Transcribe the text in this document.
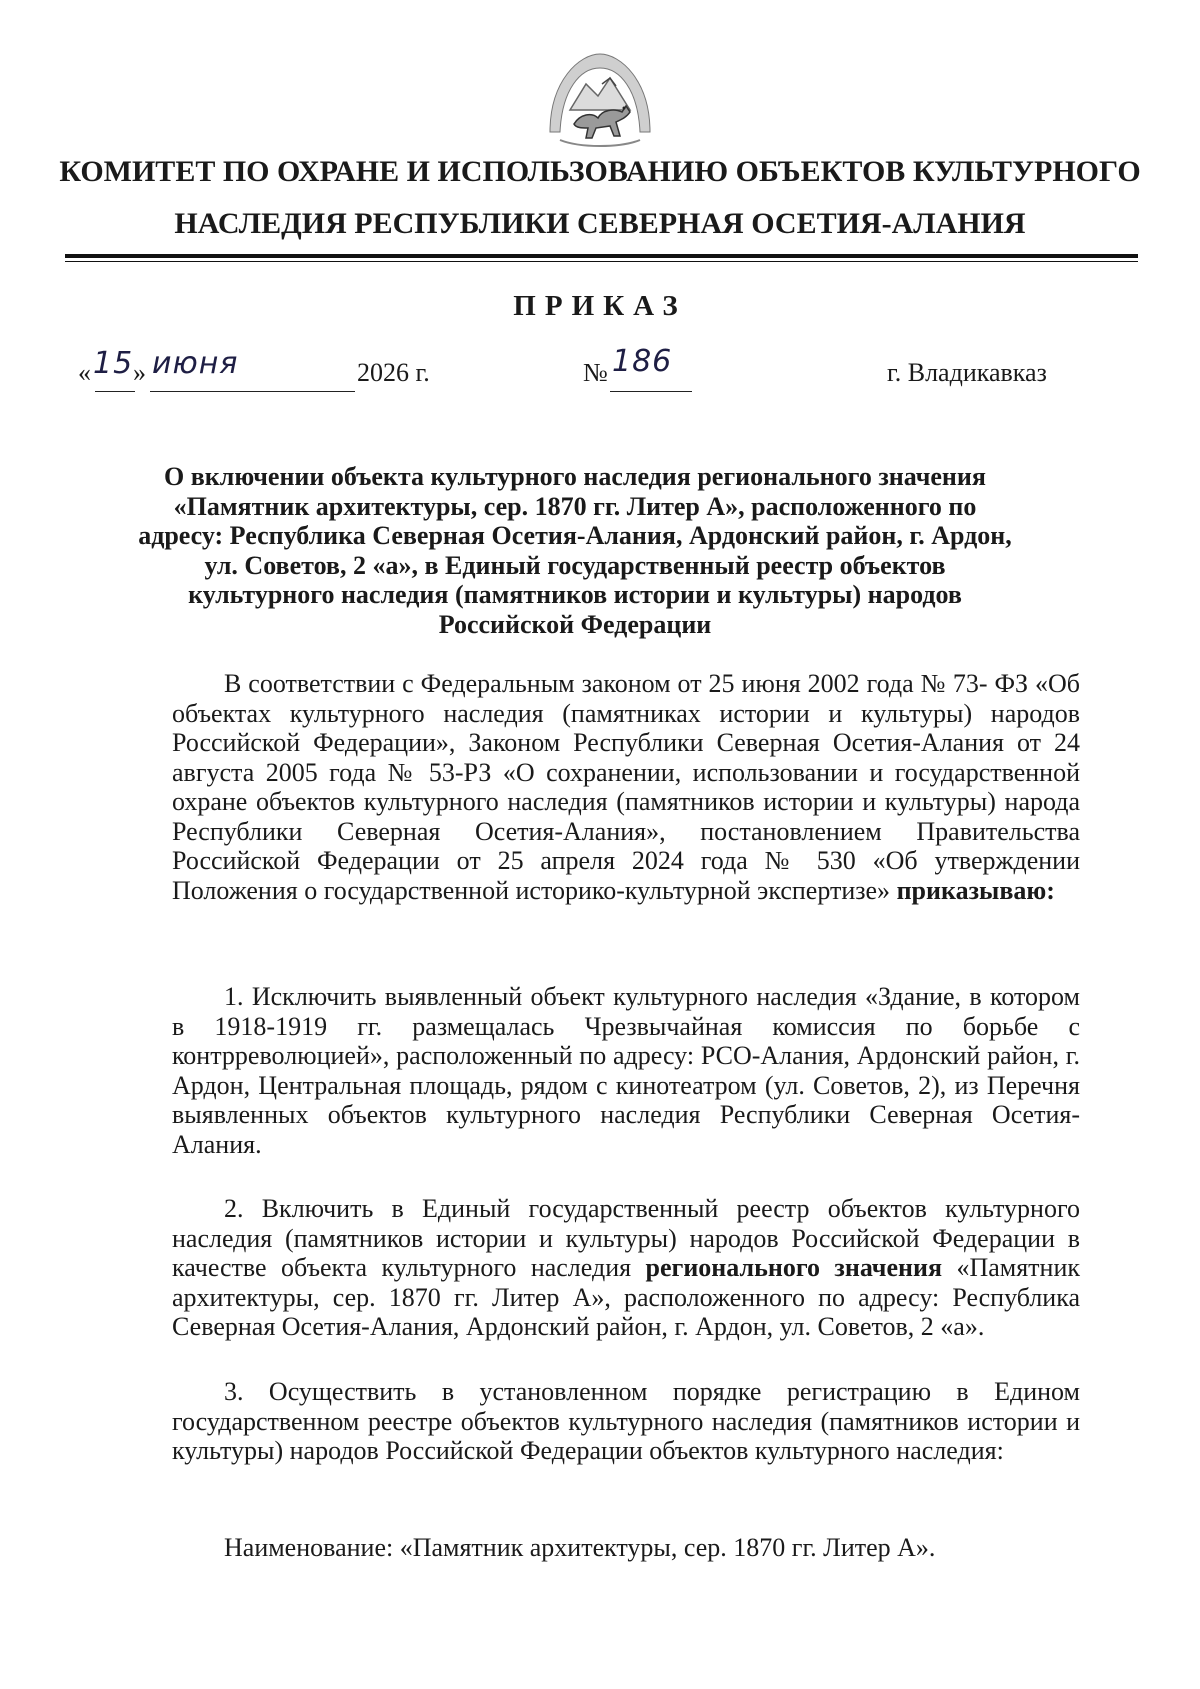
КОМИТЕТ ПО ОХРАНЕ И ИСПОЛЬЗОВАНИЮ ОБЪЕКТОВ КУЛЬТУРНОГО
НАСЛЕДИЯ РЕСПУБЛИКИ СЕВЕРНАЯ ОСЕТИЯ-АЛАНИЯ
ПРИКАЗ
« 15 » июня	2026 г.	№ 186	г. Владикавказ
О включении объекта культурного наследия регионального значения «Памятник архитектуры, сер. 1870 гг. Литер А», расположенного по адресу: Республика Северная Осетия-Алания, Ардонский район, г. Ардон, ул. Советов, 2 «а», в Единый государственный реестр объектов культурного наследия (памятников истории и культуры) народов Российской Федерации

В соответствии с Федеральным законом от 25 июня 2002 года № 73- ФЗ «Об объектах культурного наследия (памятниках истории и культуры) народов Российской Федерации», Законом Республики Северная Осетия-Алания от 24 августа 2005 года № 53-РЗ «О сохранении, использовании и государственной охране объектов культурного наследия (памятников истории и культуры) народа Республики Северная Осетия-Алания», постановлением Правительства Российской Федерации от 25 апреля 2024 года № 530 «Об утверждении Положения о государственной историко-культурной экспертизе» приказываю:

1. Исключить выявленный объект культурного наследия «Здание, в котором в 1918-1919 гг. размещалась Чрезвычайная комиссия по борьбе с контрреволюцией», расположенный по адресу: РСО-Алания, Ардонский район, г. Ардон, Центральная площадь, рядом с кинотеатром (ул. Советов, 2), из Перечня выявленных объектов культурного наследия Республики Северная Осетия-Алания.

2. Включить в Единый государственный реестр объектов культурного наследия (памятников истории и культуры) народов Российской Федерации в качестве объекта культурного наследия регионального значения «Памятник архитектуры, сер. 1870 гг. Литер А», расположенного по адресу: Республика Северная Осетия-Алания, Ардонский район, г. Ардон, ул. Советов, 2 «а».

3. Осуществить в установленном порядке регистрацию в Едином государственном реестре объектов культурного наследия (памятников истории и культуры) народов Российской Федерации объектов культурного наследия:

Наименование: «Памятник архитектуры, сер. 1870 гг. Литер А».
